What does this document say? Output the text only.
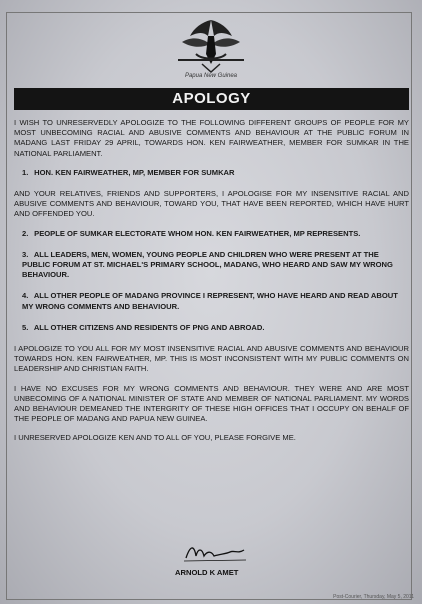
Papua New Guinea
APOLOGY

I WISH TO UNRESERVEDLY APOLOGIZE TO THE FOLLOWING DIFFERENT GROUPS OF PEOPLE FOR MY MOST UNBECOMING RACIAL AND ABUSIVE COMMENTS AND BEHAVIOUR AT THE PUBLIC FORUM IN MADANG LAST FRIDAY 29 APRIL, TOWARDS HON. KEN FAIRWEATHER, MEMBER FOR SUMKAR IN THE NATIONAL PARLIAMENT.

1. HON. KEN FAIRWEATHER, MP, MEMBER FOR SUMKAR

AND YOUR RELATIVES, FRIENDS AND SUPPORTERS, I APOLOGISE FOR MY INSENSITIVE RACIAL AND ABUSIVE COMMENTS AND BEHAVIOUR, TOWARD YOU, THAT HAVE BEEN REPORTED, WHICH HAVE HURT AND OFFENDED YOU.

2. PEOPLE OF SUMKAR ELECTORATE WHOM HON. KEN FAIRWEATHER, MP REPRESENTS.
3. ALL LEADERS, MEN, WOMEN, YOUNG PEOPLE AND CHILDREN WHO WERE PRESENT AT THE PUBLIC FORUM AT ST. MICHAEL'S PRIMARY SCHOOL, MADANG, WHO HEARD AND SAW MY WRONG BEHAVIOUR.
4. ALL OTHER PEOPLE OF MADANG PROVINCE I REPRESENT, WHO HAVE HEARD AND READ ABOUT MY WRONG COMMENTS AND BEHAVIOUR.
5. ALL OTHER CITIZENS AND RESIDENTS OF PNG AND ABROAD.

I APOLOGIZE TO YOU ALL FOR MY MOST INSENSITIVE RACIAL AND ABUSIVE COMMENTS AND BEHAVIOUR TOWARDS HON. KEN FAIRWEATHER, MP. THIS IS MOST INCONSISTENT WITH MY PUBLIC COMMENTS ON LEADERSHIP AND CHRISTIAN FAITH.

I HAVE NO EXCUSES FOR MY WRONG COMMENTS AND BEHAVIOUR. THEY WERE AND ARE MOST UNBECOMING OF A NATIONAL MINISTER OF STATE AND MEMBER OF NATIONAL PARLIAMENT. MY WORDS AND BEHAVIOUR DEMEANED THE INTERGRITY OF THESE HIGH OFFICES THAT I OCCUPY ON BEHALF OF THE PEOPLE OF MADANG AND PAPUA NEW GUINEA.

I UNRESERVED APOLOGIZE KEN AND TO ALL OF YOU, PLEASE FORGIVE ME.

ARNOLD K AMET
Post-Courier, Thursday, May 5, 2011
